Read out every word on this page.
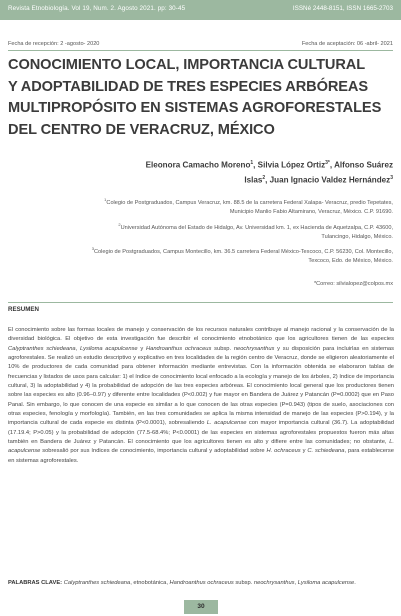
Revista Etnobiología. Vol 19, Num. 2. Agosto 2021. pp: 30-45	ISSNé 2448-8151, ISSN 1665-2703
Fecha de recepción: 2 -agosto- 2020	Fecha de aceptación: 06 -abril- 2021
CONOCIMIENTO LOCAL, IMPORTANCIA CULTURAL
Y ADOPTABILIDAD DE TRES ESPECIES ARBÓREAS
MULTIPROPÓSITO EN SISTEMAS AGROFORESTALES
DEL CENTRO DE VERACRUZ, MÉXICO
Eleonora Camacho Moreno$^1$, Silvia López Ortiz$^{3*}$, Alfonso Suárez Islas$^2$, Juan Ignacio Valdez Hernández$^3$
$^1$Colegio de Postgraduados, Campus Veracruz, km. 88.5 de la carretera Federal Xalapa- Veracruz, predio Tepetates,
Municipio Manlio Fabio Altamirano, Veracruz, México. C.P. 91690.
$^2$Universidad Autónoma del Estado de Hidalgo, Av. Universidad km. 1, ex Hacienda de Aquetzalpa, C.P. 43600,
Tulancingo, Hidalgo, México.
$^3$Colegio de Postgraduados, Campus Montecillo, km. 36.5 carretera Federal México-Texcoco, C.P. 56230, Col. Montecillo,
Texcoco, Edo. de México, México.
*Correo: silvialopez@colpos.mx
RESUMEN

El conocimiento sobre las formas locales de manejo y conservación de los recursos naturales contribuye al manejo racional y la conservación de la diversidad biológica. El objetivo de esta investigación fue describir el conocimiento etnobotánico que los agricultores tienen de las especies Calyptranthes schiedeana, Lysiloma acapulcense y Handroanthus ochraceus subsp. neochrysanthus y su disposición para incluirlas en sistemas agroforestales. Se realizó un estudio descriptivo y explicativo en tres localidades de la región centro de Veracruz, donde se eligieron aleatoriamente el 10% de productores de cada comunidad para obtener información mediante entrevistas. Con la información obtenida se elaboraron tablas de frecuencias y listados de usos para calcular: 1) el índice de conocimiento local enfocado a la ecología y manejo de los árboles, 2) índice de importancia cultural, 3) la adoptabilidad y 4) la probabilidad de adopción de las tres especies arbóreas. El conocimiento local general que los productores tienen sobre las especies es alto (0.96–0.97) y diferente entre localidades (P<0.002) y fue mayor en Bandera de Juárez y Patancán (P=0.0002) que en Paso Panal. Sin embargo, lo que conocen de una especie es similar a lo que conocen de las otras especies (P=0.943) (tipos de suelo, asociaciones con otras especies, fenología y morfología). También, en las tres comunidades se aplica la misma intensidad de manejo de las especies (P>0.194), y la importancia cultural de cada especie es distinta (P<0.0001), sobresaliendo L. acapulcense con mayor importancia cultural (36.7). La adoptabilidad (17.19.4; P>0.05) y la probabilidad de adopción (77.5-68.4%; P<0.0001) de las especies en sistemas agroforestales propuestos fueron más altas también en Bandera de Juárez y Patancán. El conocimiento que los agricultores tienen es alto y difiere entre las comunidades; no obstante, L. acapulcense sobresalió por sus índices de conocimiento, importancia cultural y adoptabilidad sobre H. ochraceus y C. schiedeana, para establecerse en sistemas agroforestales.

PALABRAS CLAVE: Calyptranthes schiedeana, etnobotánica, Handroanthus ochraceus subsp. neochrysanthus, Lysiloma acapulcense.
30
